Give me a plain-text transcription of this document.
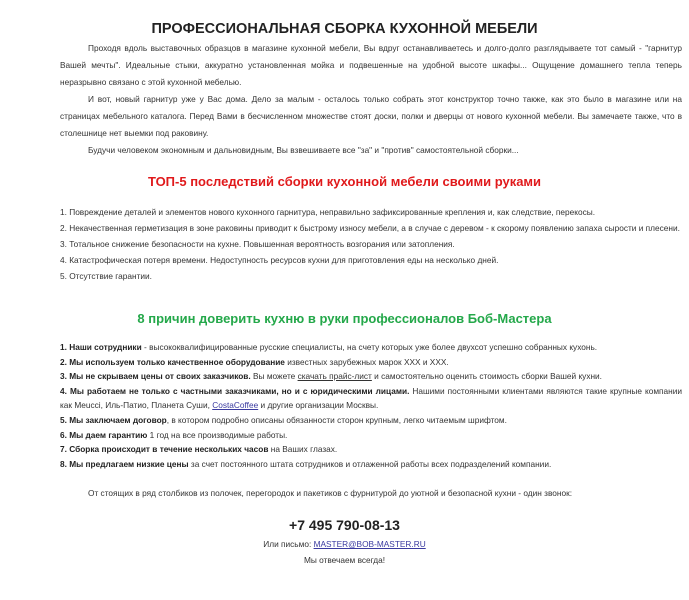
ПРОФЕССИОНАЛЬНАЯ СБОРКА КУХОННОЙ МЕБЕЛИ

Проходя вдоль выставочных образцов в магазине кухонной мебели, Вы вдруг останавливаетесь и долго-долго разглядываете тот самый - "гарнитур Вашей мечты". Идеальные стыки, аккуратно установленная мойка и подвешенные на удобной высоте шкафы... Ощущение домашнего тепла теперь неразрывно связано с этой кухонной мебелью.

И вот, новый гарнитур уже у Вас дома. Дело за малым - осталось только собрать этот конструктор точно также, как это было в магазине или на страницах мебельного каталога. Перед Вами в бесчисленном множестве стоят доски, полки и дверцы от нового кухонной мебели. Вы замечаете также, что в столешнице нет выемки под раковину.

Будучи человеком экономным и дальновидным, Вы взвешиваете все "за" и "против" самостоятельной сборки...

ТОП-5 последствий сборки кухонной мебели своими руками

1. Повреждение деталей и элементов нового кухонного гарнитура, неправильно зафиксированные крепления и, как следствие, перекосы.

2. Некачественная герметизация в зоне раковины приводит к быстрому износу мебели, а в случае с деревом - к скорому появлению запаха сырости и плесени.

3. Тотальное снижение безопасности на кухне. Повышенная вероятность возгорания или затопления.

4. Катастрофическая потеря времени. Недоступность ресурсов кухни для приготовления еды на несколько дней.

5. Отсутствие гарантии.

8 причин доверить кухню в руки профессионалов Боб-Мастера

1. Наши сотрудники - высококвалифицированные русские специалисты, на счету которых уже более двухсот успешно собранных кухонь.

2. Мы используем только качественное оборудование известных зарубежных марок XXX и XXX.

3. Мы не скрываем цены от своих заказчиков. Вы можете скачать прайс-лист и самостоятельно оценить стоимость сборки Вашей кухни.

4. Мы работаем не только с частными заказчиками, но и с юридическими лицами. Нашими постоянными клиентами являются такие крупные компании как Meucci, Иль-Патио, Планета Суши, CostaCoffee и другие организации Москвы.

5. Мы заключаем договор, в котором подробно описаны обязанности сторон крупным, легко читаемым шрифтом.

6. Мы даем гарантию 1 год на все производимые работы.

7. Сборка происходит в течение нескольких часов на Ваших глазах.

8. Мы предлагаем низкие цены за счет постоянного штата сотрудников и отлаженной работы всех подразделений компании.

От стоящих в ряд столбиков из полочек, перегородок и пакетиков с фурнитурой до уютной и безопасной кухни - один звонок:
+7 495 790-08-13
Или письмо: MASTER@BOB-MASTER.RU
Мы отвечаем всегда!
